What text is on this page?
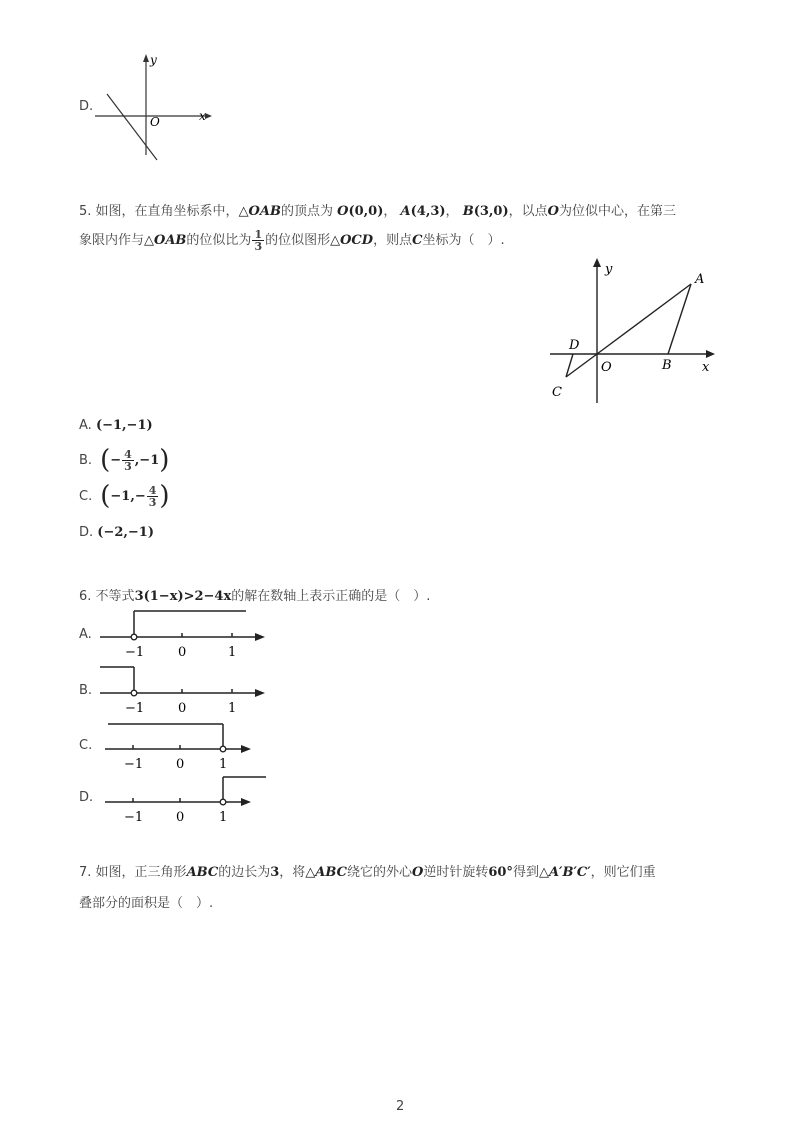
D.
y
x
O
5. 如图，在直角坐标系中，△OAB的顶点为 O(0,0)， A(4,3)， B(3,0)，以点O为位似中心，在第三
象限内作与△OAB的位似比为 $\frac{1}{3}$ 的位似图形△OCD，则点C坐标为（　）.
y
x
O
A
B
C
D
A. (−1,−1)
B. ( − $\frac{4}{3} ,-1$ )
C. ( $-1,- \frac{4}{3}$ )
D. (−2,−1)
6. 不等式3(1−x)>2−4x的解在数轴上表示正确的是（　）.
A.
−1	0	1
B.
−1	0	1
C.
−1	0	1
D.
−1	0	1
7. 如图，正三角形ABC的边长为3，将△ABC绕它的外心O逆时针旋转60°得到△A′B′C′，则它们重
叠部分的面积是（　）.
2
